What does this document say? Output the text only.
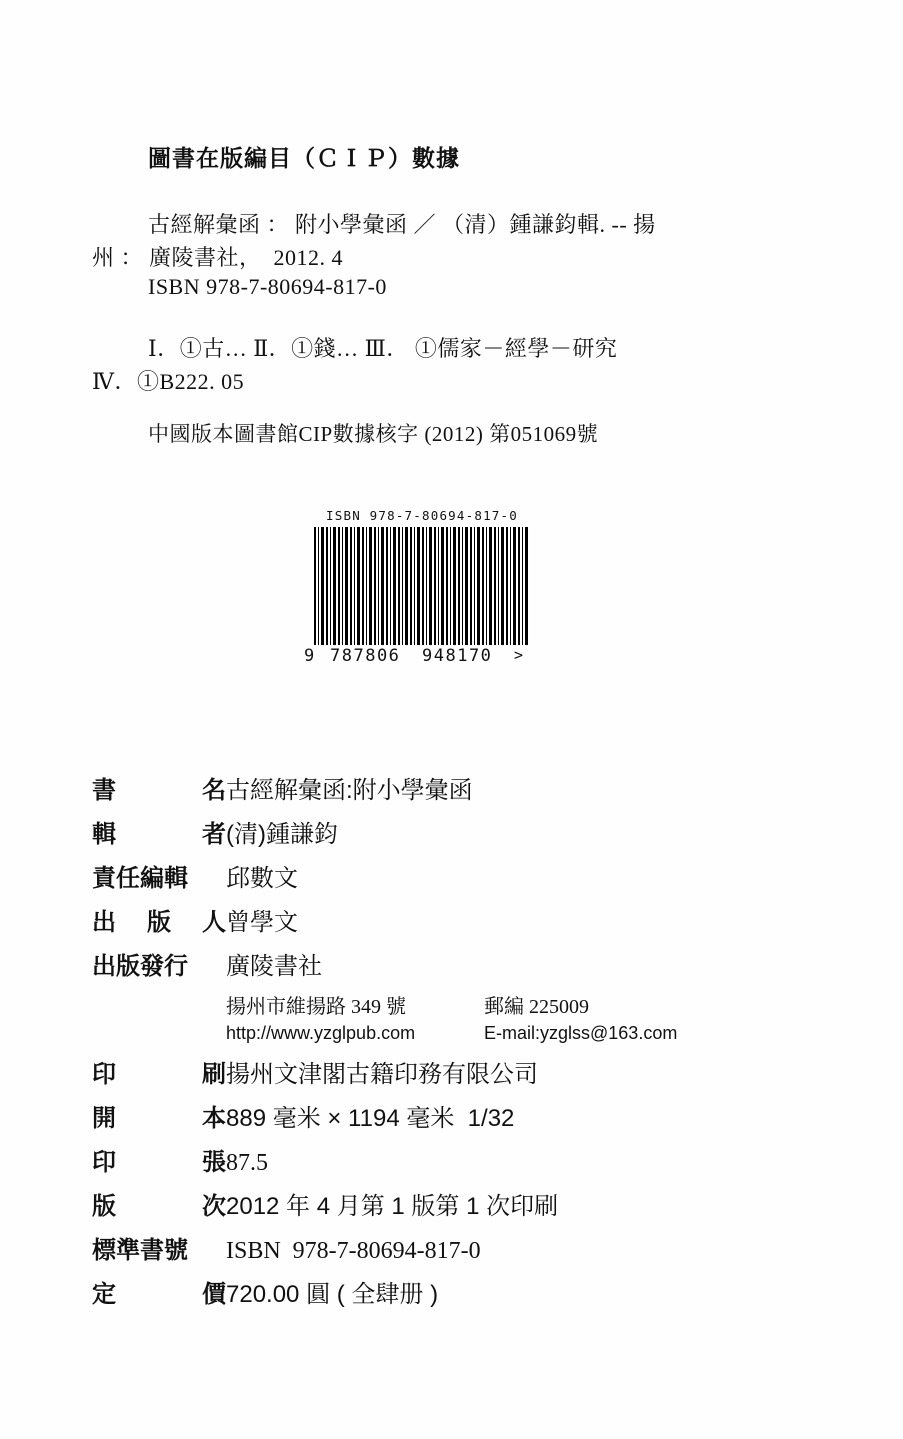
圖書在版編目（ＣＩＰ）數據
古經解彙函 ： 附小學彙函 ／ （清）鍾謙鈞輯. -- 揚
州 ： 廣陵書社，  2012. 4
ISBN 978-7-80694-817-0
Ⅰ．①古… Ⅱ．①錢… Ⅲ． ①儒家－經學－研究
Ⅳ．①B222. 05
中國版本圖書館CIP數據核字 (2012) 第051069號
ISBN 978-7-80694-817-0
9 787806 948170 >
書	名 古經解彙函:附小學彙函
輯	者 (清)鍾謙鈞
責任編輯 邱數文
出 版 人 曾學文
出版發行 廣陵書社
揚州市維揚路 349 號	郵編 225009
http://www.yzglpub.com	E-mail:yzglss@163.com
印	刷 揚州文津閣古籍印務有限公司
開	本 889 毫米 × 1194 毫米  1/32
印	張 87.5
版	次 2012 年 4 月第 1 版第 1 次印刷
標準書號 ISBN  978-7-80694-817-0
定	價 720.00 圓 ( 全肆册 )
